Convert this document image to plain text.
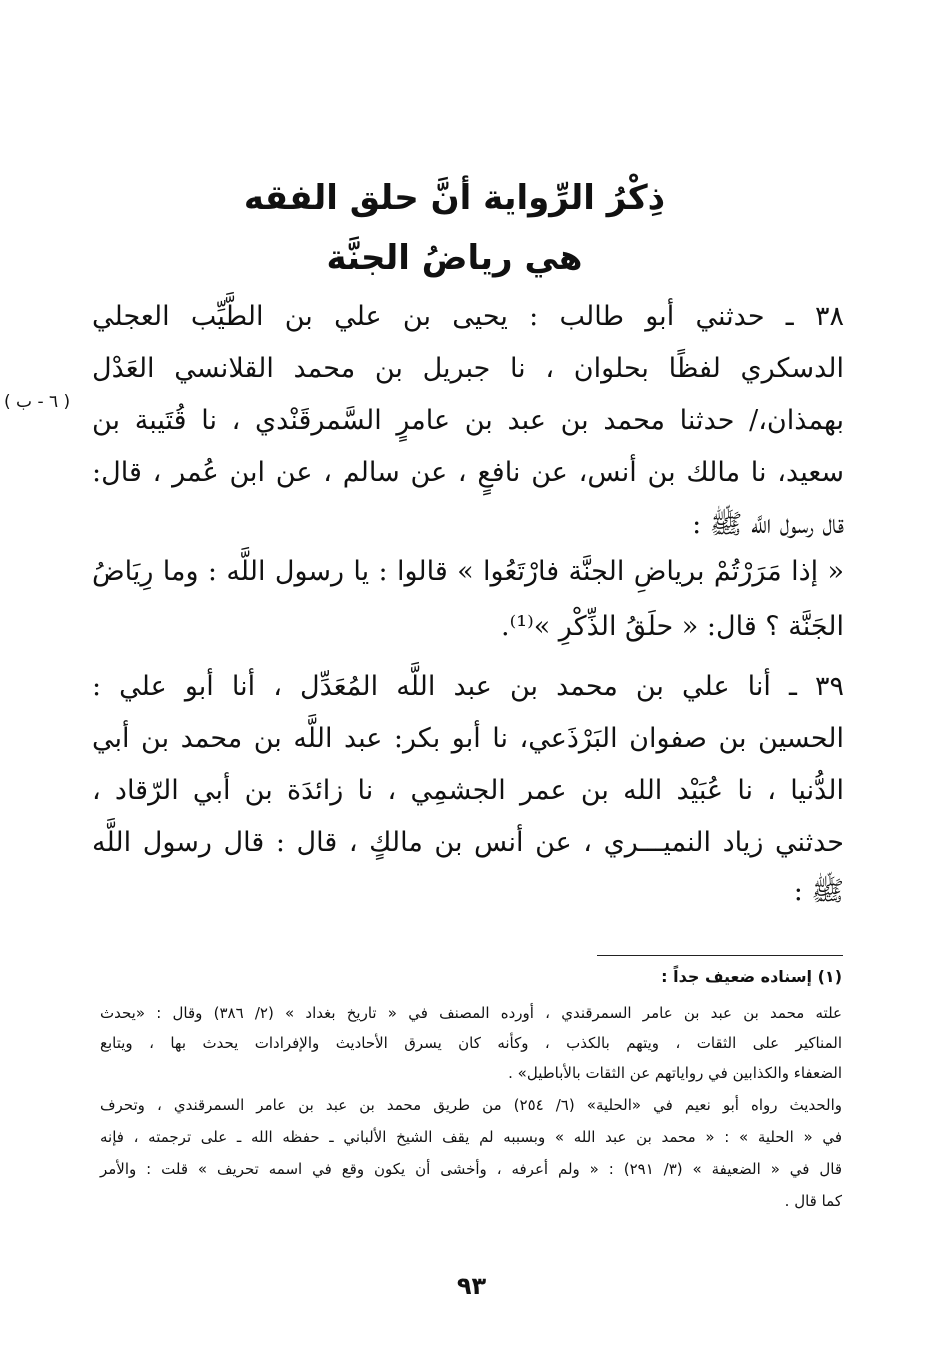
ذِكْرُ الرِّواية أنَّ حلق الفقه
هي رياضُ الجنَّة
( ٦ - ب )
٣٨ ـ حدثني أبو طالب : يحيى بن علي بن الطَّيِّب العجلي
الدسكري لفظًا بحلوان ، نا جبريل بن محمد القلانسي العَدْل
بهمذان،/ حدثنا محمد بن عبد بن عامرٍ السَّمرقَنْدي ، نا قُتَيبة بن
سعيد، نا مالك بن أنس، عن نافعٍ ، عن سالم ، عن ابن عُمر ، قال:
قال رسول اللَّه ﷺ :
« إذا مَرَرْتُمْ برياضِ الجنَّة فارْتَعُوا » قالوا : يا رسول اللَّه : وما رِيَاضُ
الجَنَّة ؟ قال: « حلَقُ الذِّكْرِ »⁽¹⁾.
٣٩ ـ أنا علي بن محمد بن عبد اللَّه المُعَدِّل ، أنا أبو علي :
الحسين بن صفوان البَرْذَعي، نا أبو بكر: عبد اللَّه بن محمد بن أبي
الدُّنيا ، نا عُبَيْد الله بن عمر الجشمِي ، نا زائدَة بن أبي الرّقاد ،
حدثني زياد النميـــري ، عن أنس بن مالكٍ ، قال : قال رسول اللَّه
ﷺ :
(١) إسناده ضعيف جداً :
علته محمد بن عبد بن عامر السمرقندي ، أورده المصنف في « تاريخ بغداد » (٢/ ٣٨٦) وقال : «يحدث
المناكير على الثقات ، ويتهم بالكذب ، وكأنه كان يسرق الأحاديث والإفرادات يحدث بها ، ويتابع
الضعفاء والكذابين في رواياتهم عن الثقات بالأباطيل» .
والحديث رواه أبو نعيم في «الحلية» (٦/ ٢٥٤) من طريق محمد بن عبد بن عامر السمرقندي ، وتحرف
في « الحلية » : « محمد بن عبد الله » وبسببه لم يقف الشيخ الألباني ـ حفظه الله ـ على ترجمته ، فإنه
قال في « الضعيفة » (٣/ ٢٩١) : « ولم أعرفه ، وأخشى أن يكون وقع في اسمه تحريف » قلت : والأمر
كما قال .
٩٣
